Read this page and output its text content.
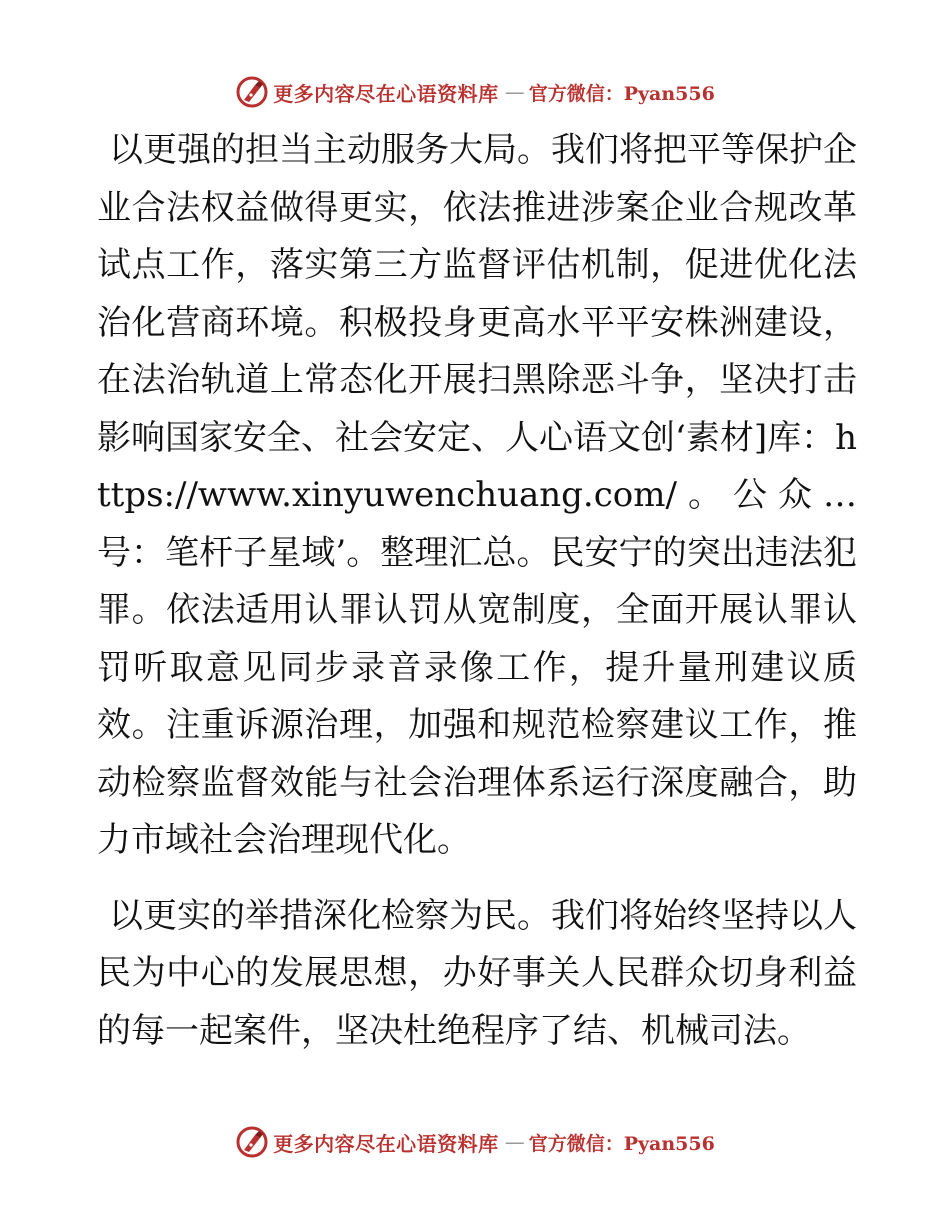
更多内容尽在心语资料库 — 官方微信：Pyan556

以更强的担当主动服务大局。我们将把平等保护企业合法权益做得更实，依法推进涉案企业合规改革试点工作，落实第三方监督评估机制，促进优化法治化营商环境。积极投身更高水平平安株洲建设，在法治轨道上常态化开展扫黑除恶斗争，坚决打击影响国家安全、社会安定、人心语文创‘素材]库：https://www.xinyuwenchuang.com/。公众…号：笔杆子星域’。整理汇总。民安宁的突出违法犯罪。依法适用认罪认罚从宽制度，全面开展认罪认罚听取意见同步录音录像工作，提升量刑建议质效。注重诉源治理，加强和规范检察建议工作，推动检察监督效能与社会治理体系运行深度融合，助力市域社会治理现代化。

以更实的举措深化检察为民。我们将始终坚持以人民为中心的发展思想，办好事关人民群众切身利益的每一起案件，坚决杜绝程序了结、机械司法。

更多内容尽在心语资料库 — 官方微信：Pyan556
